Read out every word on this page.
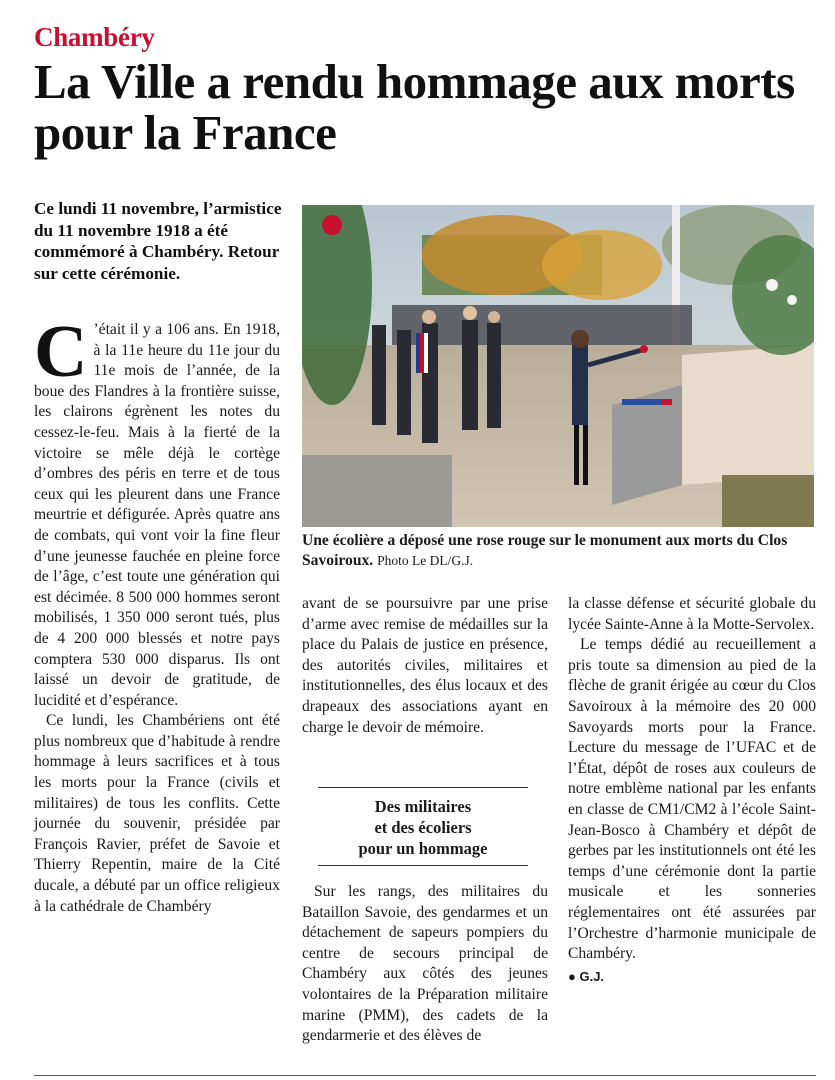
Chambéry
La Ville a rendu hommage aux morts pour la France

Ce lundi 11 novembre, l’armistice du 11 novembre 1918 a été commémoré à Chambéry. Retour sur cette cérémonie.

C ’était il y a 106 ans. En 1918, à la 11e heure du 11e jour du 11e mois de l’année, de la boue des Flandres à la frontière suisse, les clairons égrènent les notes du cessez-le-feu. Mais à la fierté de la victoire se mêle déjà le cortège d’ombres des péris en terre et de tous ceux qui les pleurent dans une France meurtrie et défigurée. Après quatre ans de combats, qui vont voir la fine fleur d’une jeunesse fauchée en pleine force de l’âge, c’est toute une génération qui est décimée. 8 500 000 hommes seront mobilisés, 1 350 000 seront tués, plus de 4 200 000 blessés et notre pays comptera 530 000 disparus. Ils ont laissé un devoir de gratitude, de lucidité et d’espérance.

Ce lundi, les Chambériens ont été plus nombreux que d’habitude à rendre hommage à leurs sacrifices et à tous les morts pour la France (civils et militaires) de tous les conflits. Cette journée du souvenir, présidée par François Ravier, préfet de Savoie et Thierry Repentin, maire de la Cité ducale, a débuté par un office religieux à la cathédrale de Chambéry

Une écolière a déposé une rose rouge sur le monument aux morts du Clos Savoiroux. Photo Le DL/G.J.

avant de se poursuivre par une prise d’arme avec remise de médailles sur la place du Palais de justice en présence, des autorités civiles, militaires et institutionnelles, des élus locaux et des drapeaux des associations ayant en charge le devoir de mémoire.

Des militaires
et des écoliers
pour un hommage

Sur les rangs, des militaires du Bataillon Savoie, des gendarmes et un détachement de sapeurs pompiers du centre de secours principal de Chambéry aux côtés des jeunes volontaires de la Préparation militaire marine (PMM), des cadets de la gendarmerie et des élèves de

la classe défense et sécurité globale du lycée Sainte-Anne à la Motte-Servolex.

Le temps dédié au recueillement a pris toute sa dimension au pied de la flèche de granit érigée au cœur du Clos Savoiroux à la mémoire des 20 000 Savoyards morts pour la France. Lecture du message de l’UFAC et de l’État, dépôt de roses aux couleurs de notre emblème national par les enfants en classe de CM1/CM2 à l’école Saint-Jean-Bosco à Chambéry et dépôt de gerbes par les institutionnels ont été les temps d’une cérémonie dont la partie musicale et les sonneries réglementaires ont été assurées par l’Orchestre d’harmonie municipale de Chambéry.

● G.J.
